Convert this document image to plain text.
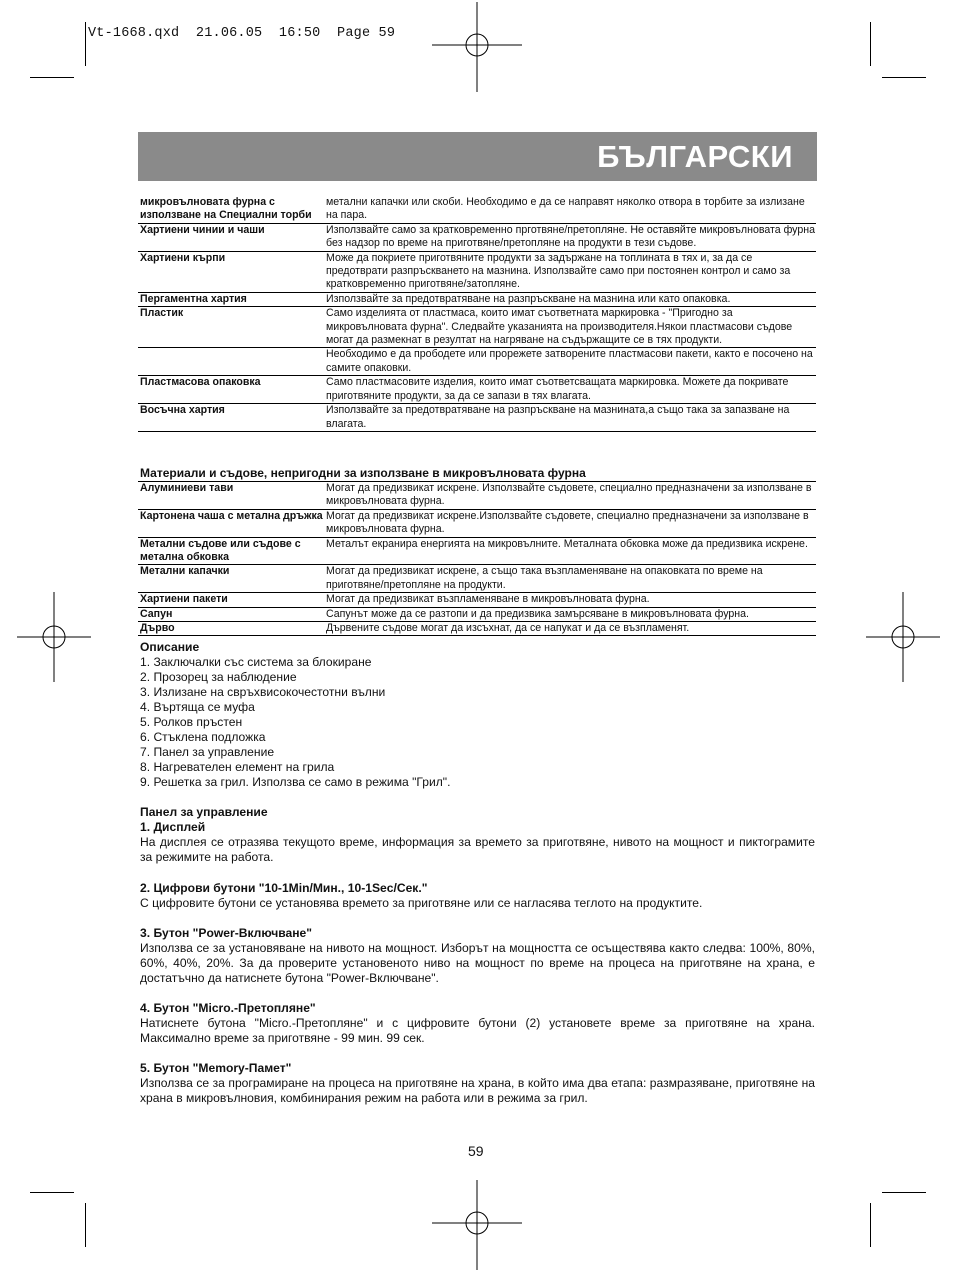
Vt-1668.qxd  21.06.05  16:50  Page 59
БЪЛГАРСКИ
микровълновата фурна с използване на Специални торби	метални капачки или скоби. Необходимо е да се направят няколко отвора в торбите за излизане на пара.
Хартиени чинии и чаши	Използвайте само за кратковременно прготвяне/претопляне. Не оставяйте микровълновата фурна без надзор по време на приготвяне/претопляне на продукти в тези съдове.
Хартиени кърпи	Може да покриете приготвяните продукти за задържане на топлината в тях и, за да се предотврати разпръскването на мазнина. Използвайте само при постоянен контрол и само за кратковременно приготвяне/затопляне.
Пергаментна хартия	Използвайте за предотвратяване на разпръскване на мазнина или като опаковка.
Пластик	Само изделията от пластмаса, които имат съответната маркировка - "Пригодно за микровълновата фурна". Следвайте указанията на производителя.Някои пластмасови съдове могат да размекнат в резултат на нагряване на съдържащите се в тях продукти.
	Необходимо е да прободете или прорежете затворените пластмасови пакети, както е посочено на самите опаковки.
Пластмасова опаковка	Само пластмасовите изделия, които имат съответсващата маркировка. Можете да покривате приготвяните продукти, за да се запази в тях влагата.
Восъчна хартия	Използвайте за предотвратяване на разпръскване на мазнината,а също така за запазване на влагата.
Материали и съдове, непригодни за използване в микровълновата фурна
Алуминиеви тави	Могат да предизвикат искрене. Използвайте съдовете, специално предназначени за използване в микровълновата фурна.
Картонена чаша с метална дръжка	Могат да предизвикат искрене.Използвайте съдовете, специално предназначени за използване в микровълновата фурна.
Метални съдове или съдове с метална обковка	Металът екранира енергията на микровълните. Металната обковка може да предизвика искрене.
Метални капачки	Могат да предизвикат искрене, а също така възпламеняване на опаковката по време на приготвяне/претопляне на продукти.
Хартиени пакети	Могат да предизвикат възпламеняване в микровълновата фурна.
Сапун	Сапунът може да се разтопи и да предизвика замърсяване в микровълновата фурна.
Дърво	Дървените съдове могат да изсъхнат, да се напукат и да се възпламенят.
Описание
1. Заключалки със система за блокиране
2. Прозорец за наблюдение
3. Излизане на свръхвисокочестотни вълни
4. Въртяща се муфа
5. Ролков пръстен
6. Стъклена подложка
7. Панел за управление
8. Нагревателен елемент на грила
9. Решетка за грил. Използва се само в режима "Грил".
Панел за управление
1. Дисплей
На дисплея се отразява текущото време, информация за времето за приготвяне, нивото на мощност и пиктограмите за режимите на работа.
2. Цифрови бутони "10-1Min/Мин., 10-1Sec/Сек."
С цифровите бутони се установява времето за приготвяне или се нагласява теглото на продуктите.
3. Бутон "Power-Включване"
Използва се за установяване на нивото на мощност. Изборът на мощността се осъществява както следва: 100%, 80%, 60%, 40%, 20%. За да проверите установеното ниво на мощност по време на процеса на приготвяне на храна, е достатъчно да натиснете бутона "Power-Включване".
4. Бутон "Micro.-Претопляне"
Натиснете бутона "Micro.-Претопляне" и с цифровите бутони (2) установете време за приготвяне на храна. Максимално време за приготвяне - 99 мин. 99 сек.
5. Бутон "Memory-Памет"
Използва се за програмиране на процеса на приготвяне на храна, в който има два етапа: размразяване, приготвяне на храна в микровълновия, комбинирания режим на работа или в режима за грил.
59
